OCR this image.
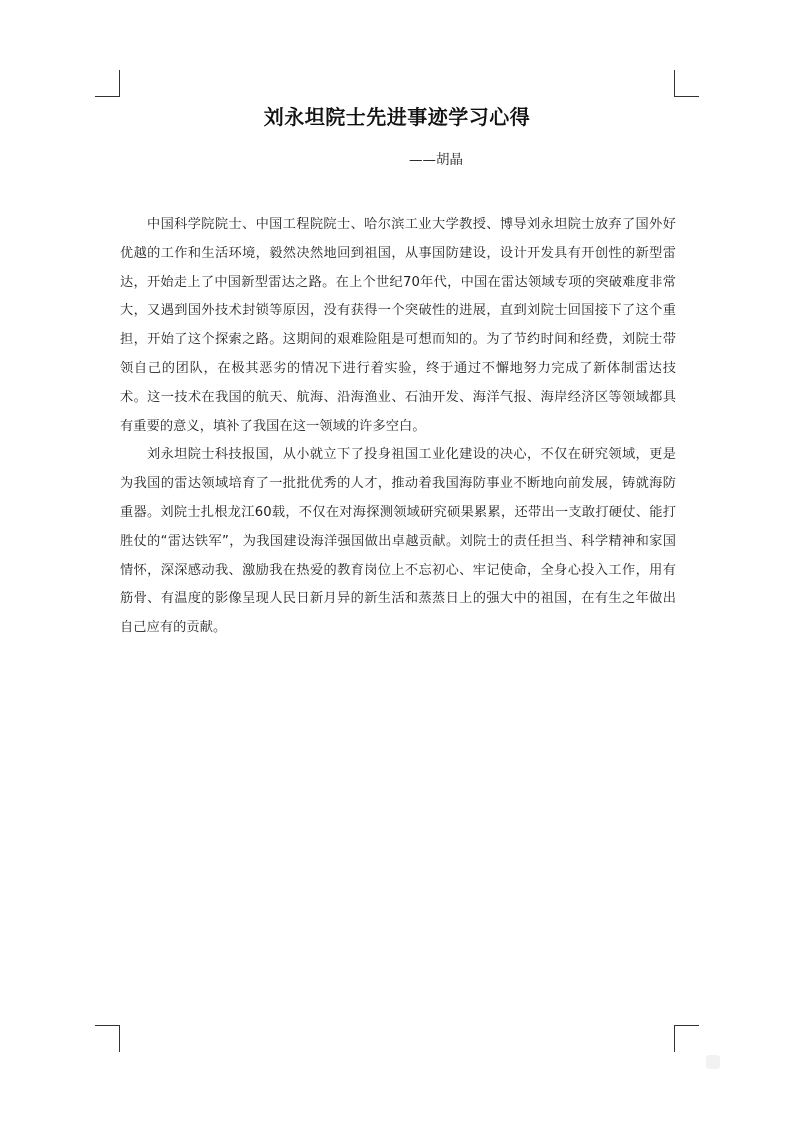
刘永坦院士先进事迹学习心得
——胡晶

中国科学院院士、中国工程院院士、哈尔滨工业大学教授、博导刘永坦院士放弃了国外好优越的工作和生活环境，毅然决然地回到祖国，从事国防建设，设计开发具有开创性的新型雷达，开始走上了中国新型雷达之路。在上个世纪70年代，中国在雷达领域专项的突破难度非常大，又遇到国外技术封锁等原因，没有获得一个突破性的进展，直到刘院士回国接下了这个重担，开始了这个探索之路。这期间的艰难险阻是可想而知的。为了节约时间和经费，刘院士带领自己的团队，在极其恶劣的情况下进行着实验，终于通过不懈地努力完成了新体制雷达技术。这一技术在我国的航天、航海、沿海渔业、石油开发、海洋气报、海岸经济区等领域都具有重要的意义，填补了我国在这一领域的许多空白。

刘永坦院士科技报国，从小就立下了投身祖国工业化建设的决心，不仅在研究领域，更是为我国的雷达领域培育了一批批优秀的人才，推动着我国海防事业不断地向前发展，铸就海防重器。刘院士扎根龙江60载，不仅在对海探测领域研究硕果累累，还带出一支敢打硬仗、能打胜仗的“雷达铁军”，为我国建设海洋强国做出卓越贡献。刘院士的责任担当、科学精神和家国情怀，深深感动我、激励我在热爱的教育岗位上不忘初心、牢记使命，全身心投入工作，用有筋骨、有温度的影像呈现人民日新月异的新生活和蒸蒸日上的强大中的祖国，在有生之年做出自己应有的贡献。
